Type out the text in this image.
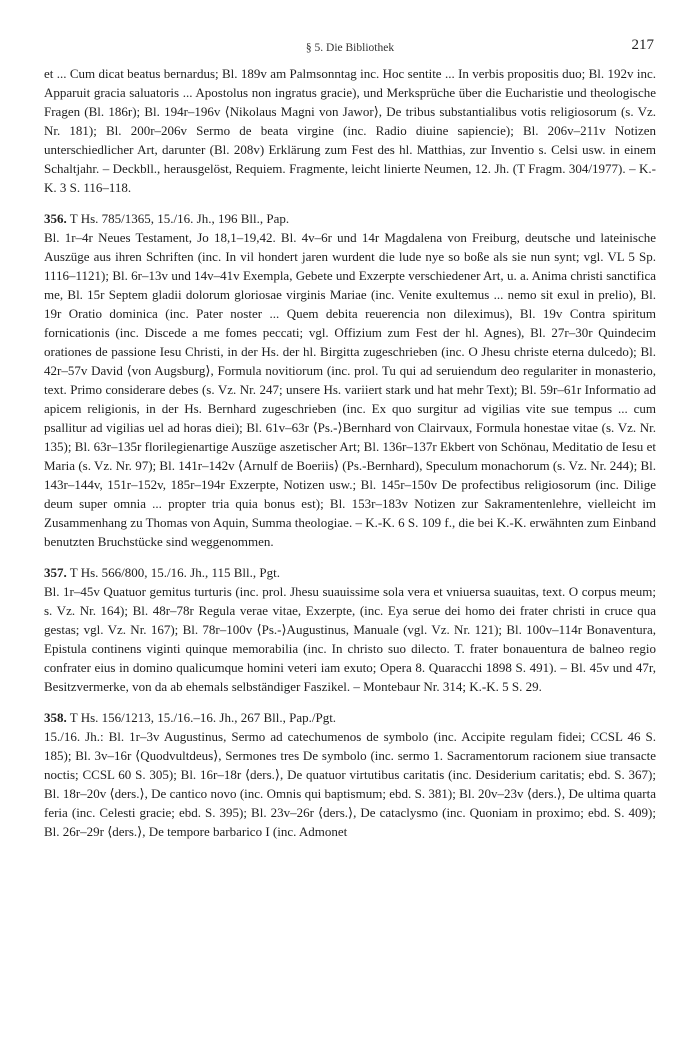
§ 5. Die Bibliothek	217

et ... Cum dicat beatus bernardus; Bl. 189v am Palmsonntag inc. Hoc sentite ... In verbis propositis duo; Bl. 192v inc. Apparuit gracia saluatoris ... Apostolus non ingratus gracie), und Merksprüche über die Eucharistie und theologische Fragen (Bl. 186r); Bl. 194r–196v ⟨Nikolaus Magni von Jawor⟩, De tribus substantialibus votis religiosorum (s. Vz. Nr. 181); Bl. 200r–206v Sermo de beata virgine (inc. Radio diuine sapiencie); Bl. 206v–211v Notizen unterschiedlicher Art, darunter (Bl. 208v) Erklärung zum Fest des hl. Matthias, zur Inventio s. Celsi usw. in einem Schaltjahr. – Deckbll., herausgelöst, Requiem. Fragmente, leicht linierte Neumen, 12. Jh. (T Fragm. 304/1977). – K.-K. 3 S. 116–118.

356. T Hs. 785/1365, 15./16. Jh., 196 Bll., Pap.

Bl. 1r–4r Neues Testament, Jo 18,1–19,42. Bl. 4v–6r und 14r Magdalena von Freiburg, deutsche und lateinische Auszüge aus ihren Schriften (inc. In vil hondert jaren wurdent die lude nye so boße als sie nun synt; vgl. VL 5 Sp. 1116–1121); Bl. 6r–13v und 14v–41v Exempla, Gebete und Exzerpte verschiedener Art, u. a. Anima christi sanctifica me, Bl. 15r Septem gladii dolorum gloriosae virginis Mariae (inc. Venite exultemus ... nemo sit exul in prelio), Bl. 19r Oratio dominica (inc. Pater noster ... Quem debita reuerencia non dileximus), Bl. 19v Contra spiritum fornicationis (inc. Discede a me fomes peccati; vgl. Offizium zum Fest der hl. Agnes), Bl. 27r–30r Quindecim orationes de passione Iesu Christi, in der Hs. der hl. Birgitta zugeschrieben (inc. O Jhesu christe eterna dulcedo); Bl. 42r–57v David ⟨von Augsburg⟩, Formula novitiorum (inc. prol. Tu qui ad seruiendum deo regulariter in monasterio, text. Primo considerare debes (s. Vz. Nr. 247; unsere Hs. variiert stark und hat mehr Text); Bl. 59r–61r Informatio ad apicem religionis, in der Hs. Bernhard zugeschrieben (inc. Ex quo surgitur ad vigilias vite sue tempus ... cum psallitur ad vigilias uel ad horas diei); Bl. 61v–63r ⟨Ps.-⟩Bernhard von Clairvaux, Formula honestae vitae (s. Vz. Nr. 135); Bl. 63r–135r florilegienartige Auszüge aszetischer Art; Bl. 136r–137r Ekbert von Schönau, Meditatio de Iesu et Maria (s. Vz. Nr. 97); Bl. 141r–142v ⟨Arnulf de Boeriis⟩ (Ps.-Bernhard), Speculum monachorum (s. Vz. Nr. 244); Bl. 143r–144v, 151r–152v, 185r–194r Exzerpte, Notizen usw.; Bl. 145r–150v De profectibus religiosorum (inc. Dilige deum super omnia ... propter tria quia bonus est); Bl. 153r–183v Notizen zur Sakramentenlehre, vielleicht im Zusammenhang zu Thomas von Aquin, Summa theologiae. – K.-K. 6 S. 109 f., die bei K.-K. erwähnten zum Einband benutzten Bruchstücke sind weggenommen.

357. T Hs. 566/800, 15./16. Jh., 115 Bll., Pgt.

Bl. 1r–45v Quatuor gemitus turturis (inc. prol. Jhesu suauissime sola vera et vniuersa suauitas, text. O corpus meum; s. Vz. Nr. 164); Bl. 48r–78r Regula verae vitae, Exzerpte, (inc. Eya serue dei homo dei frater christi in cruce qua gestas; vgl. Vz. Nr. 167); Bl. 78r–100v ⟨Ps.-⟩Augustinus, Manuale (vgl. Vz. Nr. 121); Bl. 100v–114r Bonaventura, Epistula continens viginti quinque memorabilia (inc. In christo suo dilecto. T. frater bonauentura de balneo regio confrater eius in domino qualicumque homini veteri iam exuto; Opera 8. Quaracchi 1898 S. 491). – Bl. 45v und 47r, Besitzvermerke, von da ab ehemals selbständiger Faszikel. – Montebaur Nr. 314; K.-K. 5 S. 29.

358. T Hs. 156/1213, 15./16.–16. Jh., 267 Bll., Pap./Pgt.

15./16. Jh.: Bl. 1r–3v Augustinus, Sermo ad catechumenos de symbolo (inc. Accipite regulam fidei; CCSL 46 S. 185); Bl. 3v–16r ⟨Quodvultdeus⟩, Sermones tres De symbolo (inc. sermo 1. Sacramentorum racionem siue transacte noctis; CCSL 60 S. 305); Bl. 16r–18r ⟨ders.⟩, De quatuor virtutibus caritatis (inc. Desiderium caritatis; ebd. S. 367); Bl. 18r–20v ⟨ders.⟩, De cantico novo (inc. Omnis qui baptismum; ebd. S. 381); Bl. 20v–23v ⟨ders.⟩, De ultima quarta feria (inc. Celesti gracie; ebd. S. 395); Bl. 23v–26r ⟨ders.⟩, De cataclysmo (inc. Quoniam in proximo; ebd. S. 409); Bl. 26r–29r ⟨ders.⟩, De tempore barbarico I (inc. Admonet
